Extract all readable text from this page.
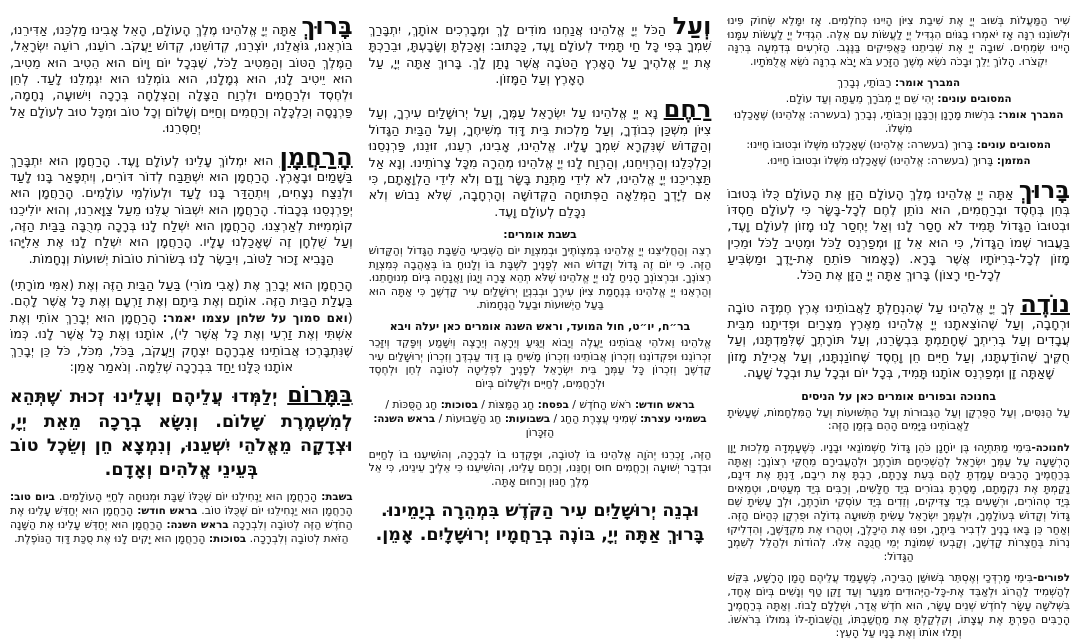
שִׁיר הַמַּעֲלוֹת בְּשׁוּב יְיָ אֶת שִׁיבַת צִיּוֹן הָיִינוּ כְּחֹלְמִים. אָז יִמָּלֵא שְׂחוֹק פִּינוּ וּלְשׁוֹנֵנוּ רִנָּה אָז יֹאמְרוּ בַגּוֹיִם הִגְדִּיל יְיָ לַעֲשׂוֹת עִם אֵלֶּה. הִגְדִּיל יְיָ לַעֲשׂוֹת עִמָּנוּ הָיִינוּ שְׂמֵחִים. שׁוּבָה יְיָ אֶת שְׁבִיתֵנוּ כַּאֲפִיקִים בַּנֶּגֶב. הַזֹּרְעִים בְּדִמְעָה בְּרִנָּה יִקְצֹרוּ. הָלוֹךְ יֵלֵךְ וּבָכֹה נֹשֵׂא מֶשֶׁךְ הַזָּרַע בֹּא יָבֹא בְרִנָּה נֹשֵׂא אֲלֻמֹּתָיו.

המברך אומר: רַבּוֹתַי, נְבָרֵךְ

המסובים עונים: יְהִי שֵׁם יְיָ מְבֹרָךְ מֵעַתָּה וְעַד עוֹלָם.

המברך אומר: בִּרְשׁוּת מָרָנָן וְרַבָּנָן וְרַבּוֹתַי, נְבָרֵךְ (בעשרה: אֱלֹהֵינוּ) שֶׁאָכַלְנוּ מִשֶּׁלוֹ.

המסובים עונים: בָּרוּךְ (בעשרה: אֱלֹהֵינוּ) שֶׁאָכַלְנוּ מִשֶּׁלוֹ וּבְטוּבוֹ חָיִינוּ:

המזמן: בָּרוּךְ (בעשרה: אֱלֹהֵינוּ) שֶׁאָכַלְנוּ מִשֶּׁלוֹ וּבְטוּבוֹ חָיִינוּ.

בָּרוּךְ אַתָּה יְיָ אֱלֹהֵינוּ מֶלֶךְ הָעוֹלָם הַזָּן אֶת הָעוֹלָם כֻּלּוֹ בְּטוּבוֹ בְּחֵן בְּחֶסֶד וּבְרַחֲמִים, הוּא נוֹתֵן לֶחֶם לְכָל-בָּשָׂר כִּי לְעוֹלָם חַסְדּוֹ וּבְטוּבוֹ הַגָּדוֹל תָּמִיד לֹא חָסַר לָנוּ וְאַל יֶחְסַר לָנוּ מָזוֹן לְעוֹלָם וָעֶד, בַּעֲבוּר שְׁמוֹ הַגָּדוֹל, כִּי הוּא אֵל זָן וּמְפַרְנֵס לַכֹּל וּמֵטִיב לַכֹּל וּמֵכִין מָזוֹן לְכָל-בְּרִיּוֹתָיו אֲשֶׁר בָּרָא. (כָּאָמוּר פּוֹתֵחַ אֶת-יָדֶךָ וּמַשְׂבִּיעַ לְכָל-חַי רָצוֹן) בָּרוּךְ אַתָּה יְיָ הַזָּן אֶת הַכֹּל.

נוֹדֶה לְּךָ יְיָ אֱלֹהֵינוּ עַל שֶׁהִנְחַלְתָּ לַאֲבוֹתֵינוּ אֶרֶץ חֶמְדָּה טוֹבָה וּרְחָבָה, וְעַל שֶׁהוֹצֵאתָנוּ יְיָ אֱלֹהֵינוּ מֵאֶרֶץ מִצְרַיִם וּפְדִיתָנוּ מִבֵּית עֲבָדִים וְעַל בְּרִיתְךָ שֶׁחָתַמְתָּ בִּבְשָׂרֵנוּ, וְעַל תּוֹרָתְךָ שֶׁלִּמַּדְתָּנוּ, וְעַל חֻקֶּיךָ שֶׁהוֹדַעְתָּנוּ, וְעַל חַיִּים חֵן וָחֶסֶד שֶׁחוֹנַנְתָּנוּ, וְעַל אֲכִילַת מָזוֹן שָׁאַתָּה זָן וּמְפַרְנֵס אוֹתָנוּ תָּמִיד, בְּכָל יוֹם וּבְכָל עֵת וּבְכָל שָׁעָה.

בחנוכה ובפורים אומרים כאן על הניסים

עַל הַנִּסִּים, וְעַל הַפֻּרְקָן וְעַל הַגְּבוּרוֹת וְעַל הַתְּשׁוּעוֹת וְעַל הַמִּלְחָמוֹת, שֶׁעָשִׂיתָ לַאֲבוֹתֵינוּ בַּיָּמִים הָהֵם בַּזְּמַן הַזֶּה:

לחנוכה-בִּימֵי מַתִּתְיָהוּ בֶּן יוֹחָנָן כֹּהֵן גָּדוֹל חַשְׁמוֹנַאי וּבָנָיו. כְּשֶׁעָמְדָה מַלְכוּת יָוָן הָרְשָׁעָה עַל עַמְּךָ יִשְׂרָאֵל לְהַשְׁכִּיחָם תּוֹרָתֶךָ וּלְהַעֲבִירָם מֵחֻקֵּי רְצוֹנֶךָ: וְאַתָּה בְּרַחֲמֶיךָ הָרַבִּים עָמַדְתָּ לָהֶם בְּעֵת צָרָתָם, רַבְתָּ אֶת רִיבָם, דַּנְתָּ אֶת דִּינָם, נָקַמְתָּ אֶת נִקְמָתָם, מָסַרְתָּ גִבּוֹרִים בְּיַד חַלָּשִׁים, וְרַבִּים בְּיַד מְעַטִּים, וּטְמֵאִים בְּיַד טְהוֹרִים, וּרְשָׁעִים בְּיַד צַדִּיקִים, וְזֵדִים בְּיַד עוֹסְקֵי תוֹרָתֶךָ, וּלְךָ עָשִׂיתָ שֵׁם גָּדוֹל וְקָדוֹשׁ בְּעוֹלָמֶךָ, וּלְעַמְּךָ יִשְׂרָאֵל עָשִׂיתָ תְּשׁוּעָה גְדוֹלָה וּפֻרְקָן כְּהַיּוֹם הַזֶּה. וְאַחַר כֵּן בָּאוּ בָנֶיךָ לִדְבִיר בֵּיתֶךָ, וּפִנּוּ אֶת הֵיכָלֶךָ, וְטִהֲרוּ אֶת מִקְדָּשֶׁךָ, וְהִדְלִיקוּ נֵרוֹת בְּחַצְרוֹת קָדְשֶׁךָ, וְקָבְעוּ שְׁמוֹנַת יְמֵי חֲנֻכָּה אֵלּוּ. לְהוֹדוֹת וּלְהַלֵּל לְשִׁמְךָ הַגָּדוֹל:

לפורים-בִּימֵי מָרְדְּכַי וְאֶסְתֵּר בְּשׁוּשַׁן הַבִּירָה, כְּשֶׁעָמַד עֲלֵיהֶם הָמָן הָרָשָׁע, בִּקֵּשׁ לְהַשְׁמִיד לַהֲרוֹג וּלְאַבֵּד אֶת-כָּל-הַיְּהוּדִים מִנַּעַר וְעַד זָקֵן טַף וְנָשִׁים בְּיוֹם אֶחָד, בִּשְׁלשָׁה עָשָׂר לְחֹדֶשׁ שְׁנֵים עָשָׂר, הוּא חֹדֶשׁ אֲדָר, וּשְׁלָלָם לָבוֹז. וְאַתָּה בְּרַחֲמֶיךָ הָרַבִּים הֵפַרְתָּ אֶת עֲצָתוֹ, וְקִלְקַלְתָּ אֶת מַחֲשַׁבְתּוֹ, וַהֲשֵׁבוֹתָ-לּוֹ גְּמוּלוֹ בְּרֹאשׁוֹ. וְתָלוּ אוֹתוֹ וְאֶת בָּנָיו עַל הָעֵץ:

וְעַל הַכֹּל יְיָ אֱלֹהֵינוּ אֲנַחְנוּ מוֹדִים לָךְ וּמְבָרְכִים אוֹתָךְ, יִתְבָּרַךְ שִׁמְךָ בְּפִי כָּל חַי תָּמִיד לְעוֹלָם וָעֶד, כַּכָּתוּב: וְאָכַלְתָּ וְשָׂבָעְתָּ, וּבֵרַכְתָּ אֶת יְיָ אֱלֹהֶיךָ עַל הָאָרֶץ הַטֹּבָה אֲשֶׁר נָתַן לָךְ. בָּרוּךְ אַתָּה יְיָ, עַל הָאָרֶץ וְעַל הַמָּזוֹן.

רַחֶם נָא יְיָ אֱלֹהֵינוּ עַל יִשְׂרָאֵל עַמֶּךָ, וְעַל יְרוּשָׁלַיִם עִירֶךָ, וְעַל צִיּוֹן מִשְׁכַּן כְּבוֹדֶךָ, וְעַל מַלְכוּת בֵּית דָּוִד מְשִׁיחֶךָ, וְעַל הַבַּיִת הַגָּדוֹל וְהַקָּדוֹשׁ שֶׁנִּקְרָא שִׁמְךָ עָלָיו. אֱלֹהֵינוּ, אָבִינוּ, רְעֵנוּ, זוּנֵנוּ, פַּרְנְסֵנוּ וְכַלְכְּלֵנוּ וְהַרְוִיחֵנוּ, וְהַרְוַח לָנוּ יְיָ אֱלֹהֵינוּ מְהֵרָה מִכָּל צָרוֹתֵינוּ. וְנָא אַל תַּצְרִיכֵנוּ יְיָ אֱלֹהֵינוּ, לֹא לִידֵי מַתְּנַת בָּשָׂר וָדָם וְלֹא לִידֵי הַלְוָאָתָם, כִּי אִם לְיָדְךָ הַמְּלֵאָה הַפְּתוּחָה הַקְּדוֹשָׁה וְהָרְחָבָה, שֶׁלֹּא נֵבוֹשׁ וְלֹא נִכָּלֵם לְעוֹלָם וָעֶד.

בשבת אומרים:

רְצֵה וְהַחֲלִיצֵנוּ יְיָ אֱלֹהֵינוּ בְּמִצְוֹתֶיךָ וּבְמִצְוַת יוֹם הַשְּׁבִיעִי הַשַּׁבָּת הַגָּדוֹל וְהַקָּדוֹשׁ הַזֶּה. כִּי יוֹם זֶה גָּדוֹל וְקָדוֹשׁ הוּא לְפָנֶיךָ לִשְׁבָּת בּוֹ וְלָנוּחַ בּוֹ בְּאַהֲבָה כְּמִצְוַת רְצוֹנֶךָ. וּבִרְצוֹנְךָ הָנִיחַ לָנוּ יְיָ אֱלֹהֵינוּ שֶׁלֹּא תְהֵא צָרָה וְיָגוֹן וַאֲנָחָה בְּיוֹם מְנוּחָתֵנוּ. וְהַרְאֵנוּ יְיָ אֱלֹהֵינוּ בְּנֶחָמַת צִיּוֹן עִירֶךָ וּבְבִנְיַן יְרוּשָׁלַיִם עִיר קָדְשֶׁךָ כִּי אַתָּה הוּא בַּעַל הַיְשׁוּעוֹת וּבַעַל הַנֶּחָמוֹת.

בר״ח, יו״ט, חול המועד, וראש השנה אומרים כאן יעלה ויבא

אֱלֹהֵינוּ וֵאלֹהֵי אֲבוֹתֵינוּ יַעֲלֶה וְיָבוֹא וְיַגִּיעַ וְיֵרָאֶה וְיֵרָצֶה וְיִשָּׁמַע וְיִפָּקֵד וְיִזָּכֵר זִכְרוֹנֵנוּ וּפִקְדוֹנֵנוּ וְזִכְרוֹן אֲבוֹתֵינוּ וְזִכְרוֹן מָשִׁיחַ בֶּן דָּוִד עַבְדֶּךָ וְזִכְרוֹן יְרוּשָׁלַיִם עִיר קָדְשֶׁךָ וְזִכְרוֹן כָּל עַמְּךָ בֵּית יִשְׂרָאֵל לְפָנֶיךָ לִפְלֵיטָה לְטוֹבָה לְחֵן וּלְחֶסֶד וּלְרַחֲמִים, לְחַיִּים וּלְשָׁלוֹם בְּיוֹם

בראש חודש: רֹאשׁ הַחֹדֶשׁ / בפסח: חַג הַמַּצּוֹת / בסוכות: חַג הַסֻּכּוֹת / בשמיני עצרת: שְׁמִינִי עֲצֶרֶת הַחַג / בשבועות: חַג הַשָּׁבוּעוֹת / בראש השנה: הַזִּכָּרוֹן

הַזֶּה, זָכְרֵנוּ יְהֹוָה אֱלֹהֵינוּ בּוֹ לְטוֹבָה, וּפָקְדֵנוּ בוֹ לִבְרָכָה, וְהוֹשִׁיעֵנוּ בוֹ לְחַיִּים וּבִדְבַר יְשׁוּעָה וְרַחֲמִים חוּס וְחָנֵּנוּ, וְרַחֵם עָלֵינוּ, וְהוֹשִׁיעֵנוּ כִּי אֵלֶיךָ עֵינֵינוּ, כִּי אֵל מֶלֶךְ חַנּוּן וְרַחוּם אָתָּה.

וּבְנֵה יְרוּשָׁלַיִם עִיר הַקֹּדֶשׁ בִּמְהֵרָה בְיָמֵינוּ. בָּרוּךְ אַתָּה יְיָ, בּוֹנֶה בְרַחֲמָיו יְרוּשָׁלָיִם. אָמֵן.

בָּרוּךְ אַתָּה יְיָ אֱלֹהֵינוּ מֶלֶךְ הָעוֹלָם, הָאֵל אָבִינוּ מַלְכֵּנוּ, אַדִּירֵנוּ, בּוֹרְאֵנוּ, גּוֹאֲלֵנוּ, יוֹצְרֵנוּ, קְדוֹשֵׁנוּ, קְדוֹשׁ יַעֲקֹב. רוֹעֵנוּ, רוֹעֵה יִשְׂרָאֵל, הַמֶּלֶךְ הַטּוֹב וְהַמֵּטִיב לַכֹּל, שֶׁבְּכָל יוֹם וָיוֹם הוּא הֵטִיב הוּא מֵטִיב, הוּא יֵיטִיב לָנוּ, הוּא גְמָלָנוּ, הוּא גוֹמְלֵנוּ הוּא יִגְמְלֵנוּ לָעַד. לְחֵן וּלְחֶסֶד וּלְרַחֲמִים וּלְרֶוַח הַצָּלָה וְהַצְלָחָה בְּרָכָה וִישׁוּעָה, נֶחָמָה, פַּרְנָסָה וְכַלְכָּלָה וְרַחֲמִים וְחַיִּים וְשָׁלוֹם וְכָל טוֹב וּמִכָּל טוּב לְעוֹלָם אַל יְחַסְּרֵנוּ.

הָרַחֲמָן הוּא יִמְלוֹךְ עָלֵינוּ לְעוֹלָם וָעֶד. הָרַחֲמָן הוּא יִתְבָּרַךְ בַּשָּׁמַיִם וּבָאָרֶץ. הָרַחֲמָן הוּא יִשְׁתַּבַּח לְדוֹר דּוֹרִים, וְיִתְפָּאַר בָּנוּ לָעַד וּלְנֵצַח נְצָחִים, וְיִתְהַדַּר בָּנוּ לָעַד וּלְעוֹלְמֵי עוֹלָמִים. הָרַחֲמָן הוּא יְפַרְנְסֵנוּ בְּכָבוֹד. הָרַחֲמָן הוּא יִשְׁבּוֹר עֻלֵּנוּ מֵעַל צַוָּארֵנוּ, וְהוּא יוֹלִיכֵנוּ קוֹמְמִיּוּת לְאַרְצֵנוּ. הָרַחֲמָן הוּא יִשְׁלַח לָנוּ בְּרָכָה מְרֻבָּה בַּבַּיִת הַזֶּה, וְעַל שֻׁלְחָן זֶה שֶׁאָכַלְנוּ עָלָיו. הָרַחֲמָן הוּא יִשְׁלַח לָנוּ אֶת אֵלִיָּהוּ הַנָּבִיא זָכוּר לַטּוֹב, וִיבַשֶּׂר לָנוּ בְּשׂוֹרוֹת טוֹבוֹת יְשׁוּעוֹת וְנֶחָמוֹת.

הָרַחֲמָן הוּא יְבָרֵךְ אֶת (אָבִי מוֹרִי) בַּעַל הַבַּיִת הַזֶּה וְאֶת (אִמִּי מוֹרָתִי) בַּעֲלַת הַבַּיִת הַזֶּה. אוֹתָם וְאֶת בֵּיתָם וְאֶת זַרְעָם וְאֶת כָּל אֲשֶׁר לָהֶם. (ואם סמוך על שלחן עצמו יאמר: הָרַחֲמָן הוּא יְבָרֵךְ אוֹתִי וְאֶת אִשְׁתִּי וְאֶת זַרְעִי וְאֶת כָּל אֲשֶׁר לִי), אוֹתָנוּ וְאֶת כָּל אֲשֶׁר לָנוּ. כְּמוֹ שֶׁנִּתְבָּרְכוּ אֲבוֹתֵינוּ אַבְרָהָם יִצְחָק וְיַעֲקֹב, בַּכֹּל, מִכֹּל, כֹּל כֵּן יְבָרֵךְ אוֹתָנוּ כֻּלָּנוּ יַחַד בִּבְרָכָה שְׁלֵמָה. וְנֹאמַר אָמֵן:

בַּמָּרוֹם יְלַמְּדוּ עֲלֵיהֶם וְעָלֵינוּ זְכוּת שֶׁתְּהֵא לְמִשְׁמֶרֶת שָׁלוֹם. וְנִשָּׂא בְרָכָה מֵאֵת יְיָ, וּצְדָקָה מֵאֱלֹהֵי יִשְׁעֵנוּ, וְנִמְצָא חֵן וְשֵׂכֶל טוֹב בְּעֵינֵי אֱלֹהִים וְאָדָם.

בשבת: הָרַחֲמָן הוּא יַנְחִילֵנוּ יוֹם שֶׁכֻּלּוֹ שַׁבָּת וּמְנוּחָה לְחַיֵּי הָעוֹלָמִים. ביום טוב: הָרַחֲמָן הוּא יַנְחִילֵנוּ יוֹם שֶׁכֻּלּוֹ טוֹב. בראש חודש: הָרַחֲמָן הוּא יְחַדֵּשׁ עָלֵינוּ אֶת הַחֹדֶשׁ הַזֶּה לְטוֹבָה וְלִבְרָכָה בראש השנה: הָרַחֲמָן הוּא יְחַדֵּשׁ עָלֵינוּ אֶת הַשָּׁנָה הַזֹּאת לְטוֹבָה וְלִבְרָכָה. בסוכות: הָרַחֲמָן הוּא יָקִים לָנוּ אֶת סֻכַּת דָּוִד הַנּוֹפֶלֶת.
